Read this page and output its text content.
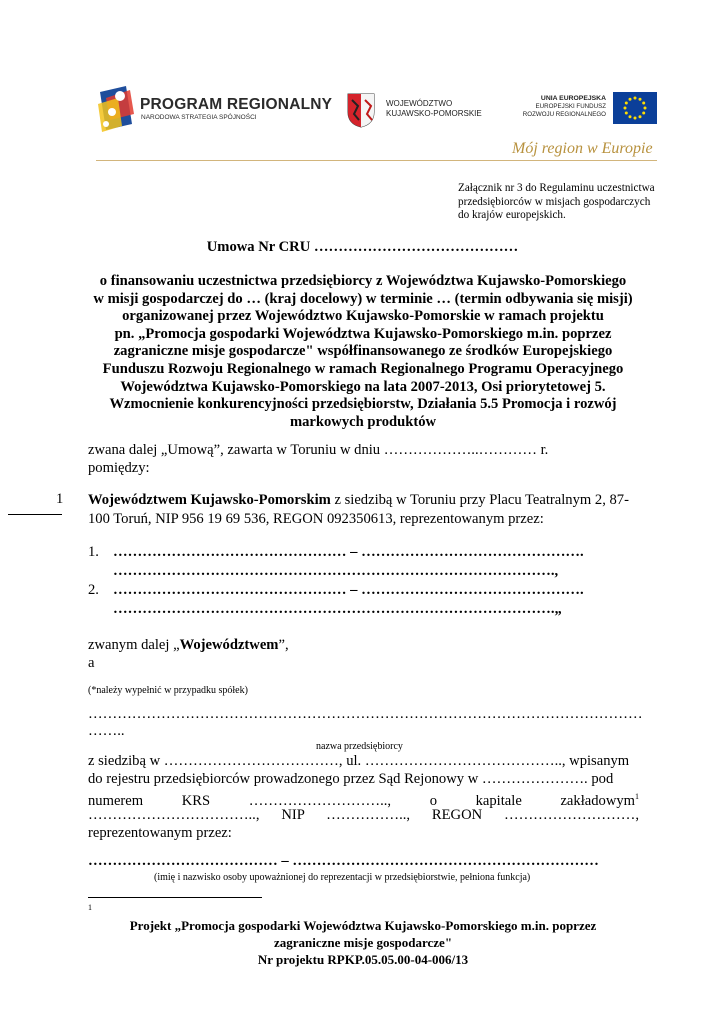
PROGRAM REGIONALNY
NARODOWA STRATEGIA SPÓJNOŚCI
WOJEWÓDZTWO
KUJAWSKO-POMORSKIE
UNIA EUROPEJSKA
EUROPEJSKI FUNDUSZ
ROZWOJU REGIONALNEGO
Mój region w Europie
Załącznik nr 3 do Regulaminu uczestnictwa przedsiębiorców w misjach gospodarczych do krajów europejskich.
Umowa Nr CRU ……………………………………
o finansowaniu uczestnictwa przedsiębiorcy z Województwa Kujawsko-Pomorskiego
w misji gospodarczej do … (kraj docelowy) w terminie … (termin odbywania się misji)
organizowanej przez Województwo Kujawsko-Pomorskie w ramach projektu
pn. „Promocja gospodarki Województwa Kujawsko-Pomorskiego m.in. poprzez
zagraniczne misje gospodarcze" współfinansowanego ze środków Europejskiego
Funduszu Rozwoju Regionalnego w ramach Regionalnego Programu Operacyjnego
Województwa Kujawsko-Pomorskiego na lata 2007-2013, Osi priorytetowej 5.
Wzmocnienie konkurencyjności przedsiębiorstw, Działania 5.5 Promocja i rozwój
markowych produktów
zwana dalej „Umową”, zawarta w Toruniu w dniu ………………..………… r.
pomiędzy:
1 Województwem Kujawsko-Pomorskim z siedzibą w Toruniu przy Placu Teatralnym 2, 87-
100 Toruń, NIP 956 19 69 536, REGON 092350613, reprezentowanym przez:
1. ………………………………………… – ……………………………………….
……………………………………………………………………………….,
2. ………………………………………… – ……………………………………….
……………………………………………………………………………….„
zwanym dalej „Województwem”,
a
(*należy wypełnić w przypadku spółek)
……………………………………………………………………………………………………
……..
nazwa przedsiębiorcy
z siedzibą w ………………………………, ul. ………………………………….., wpisanym
do rejestru przedsiębiorców prowadzonego przez Sąd Rejonowy w …………………. pod
numerem	KRS	………………………..,	o	kapitale	zakładowym$^1$
…………………………….., NIP …………….., REGON ………………………,
reprezentowanym przez:
………………………………… – ………………………………………………………
(imię i nazwisko osoby upoważnionej do reprezentacji w przedsiębiorstwie, pełniona funkcja)
1
Projekt „Promocja gospodarki Województwa Kujawsko-Pomorskiego m.in. poprzez
zagraniczne misje gospodarcze"
Nr projektu RPKP.05.05.00-04-006/13
